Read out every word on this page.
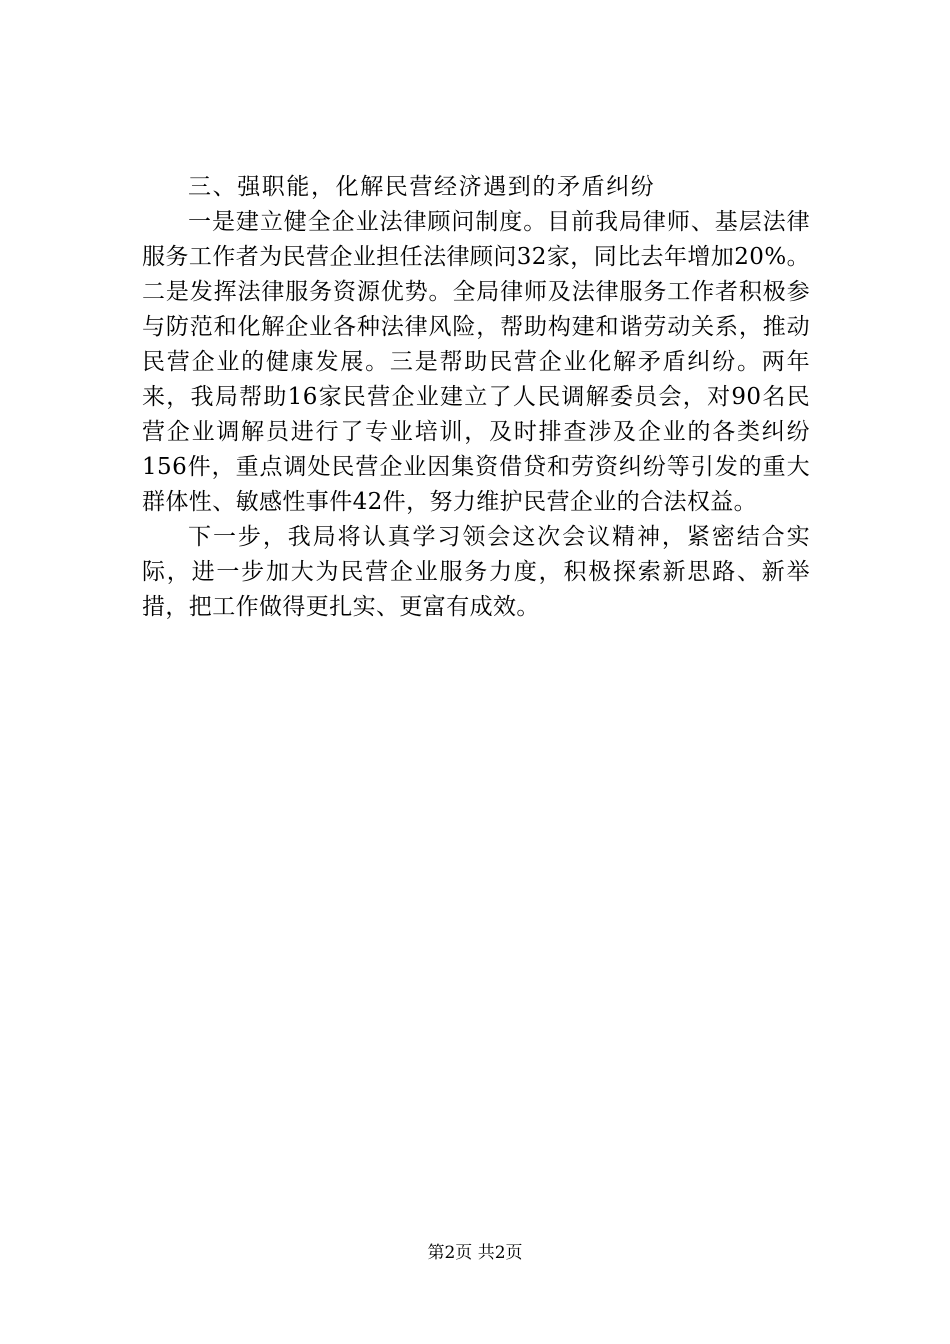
三、强职能，化解民营经济遇到的矛盾纠纷

一是建立健全企业法律顾问制度。目前我局律师、基层法律服务工作者为民营企业担任法律顾问32家，同比去年增加20%。二是发挥法律服务资源优势。全局律师及法律服务工作者积极参与防范和化解企业各种法律风险，帮助构建和谐劳动关系，推动民营企业的健康发展。三是帮助民营企业化解矛盾纠纷。两年来，我局帮助16家民营企业建立了人民调解委员会，对90名民营企业调解员进行了专业培训，及时排查涉及企业的各类纠纷156件，重点调处民营企业因集资借贷和劳资纠纷等引发的重大群体性、敏感性事件42件，努力维护民营企业的合法权益。

下一步，我局将认真学习领会这次会议精神，紧密结合实际，进一步加大为民营企业服务力度，积极探索新思路、新举措，把工作做得更扎实、更富有成效。

第2页 共2页
